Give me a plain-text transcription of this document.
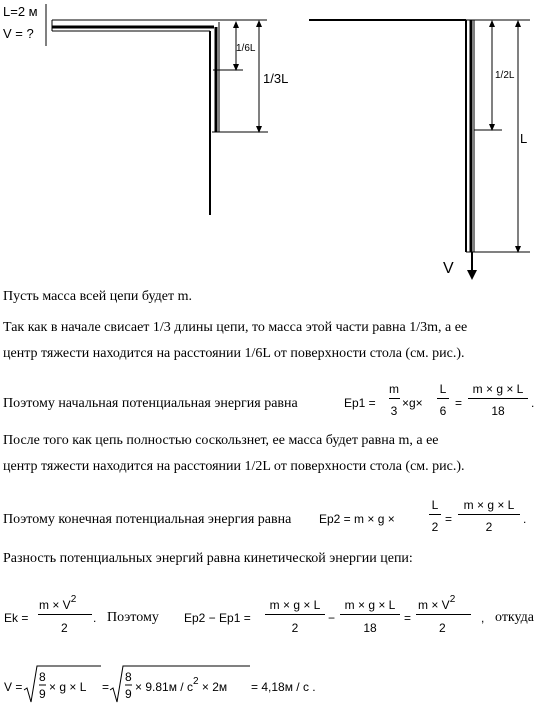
L=2 м
V = ?
1/6L
1/3L	1/2L
L
V
Пусть масса всей цепи будет m.
Так как в начале свисает 1/3 длины цепи, то масса этой части равна 1/3m, а ее
центр тяжести находится на расстоянии 1/6L от поверхности стола (см. рис.).
Поэтому начальная потенциальная энергия равна	Ep1 =
m
3
×g×
L
6
=
m × g × L
18
.
После того как цепь полностью соскользнет, ее масса будет равна m, а ее
центр тяжести находится на расстоянии 1/2L от поверхности стола (см. рис.).
Поэтому конечная потенциальная энергия равна Ep2 = m × g ×
L
2
=
m × g × L
2
.
Разность потенциальных энергий равна кинетической энергии цепи:
Ek =
$m \times V^2$
2
. Поэтому Ep2 − Ep1 =
m × g × L
2
−
m × g × L
18
=
$m \times V^2$
2
, откуда
V =
8
9 × g × L =
8
$9 \times 9.81м / c^2 \times 2м = 4,18м / c$ .
